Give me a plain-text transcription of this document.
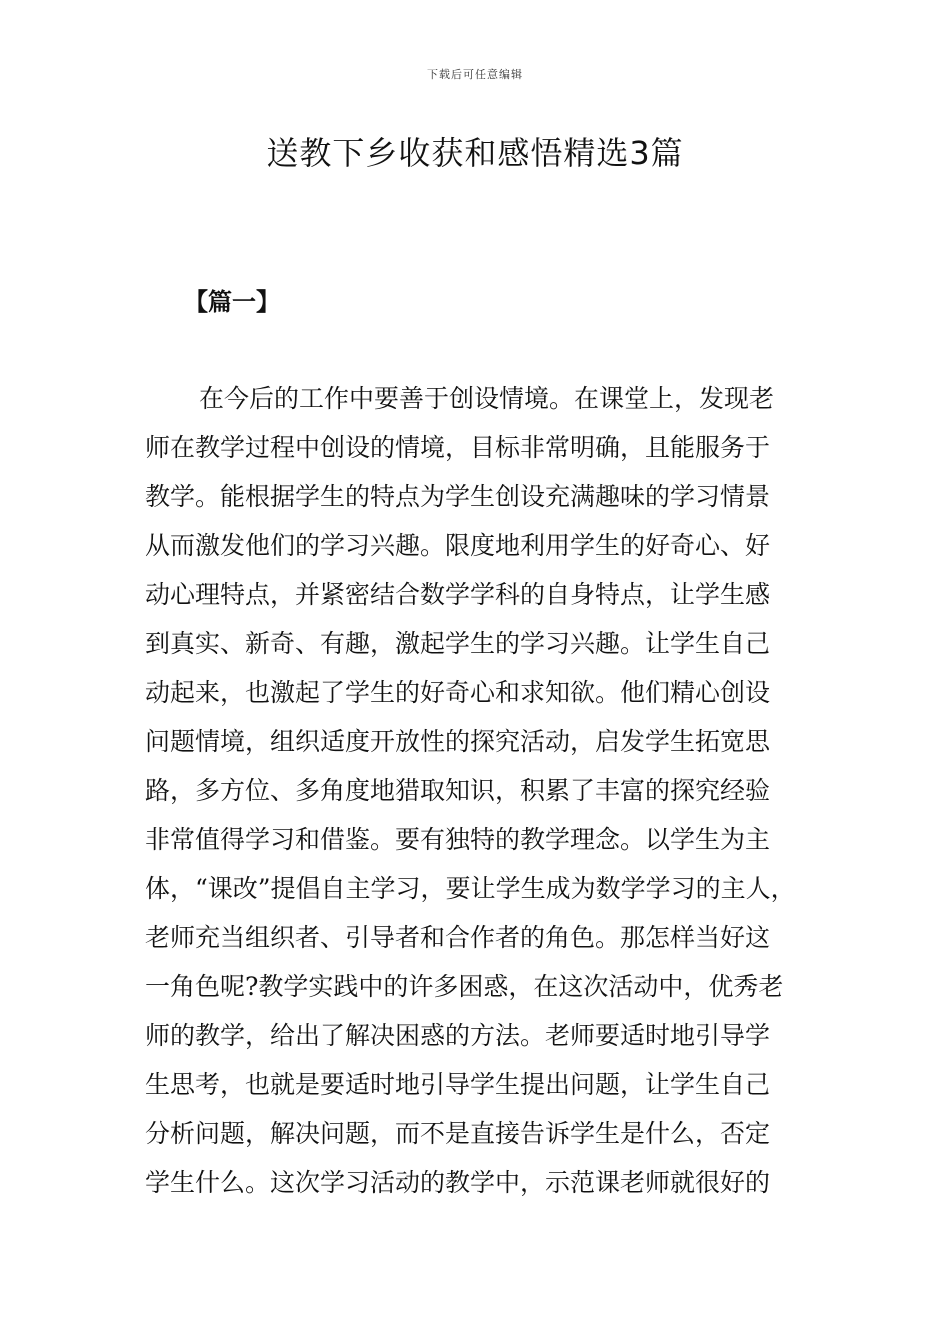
下载后可任意编辑
送教下乡收获和感悟精选3篇
【篇一】
在今后的工作中要善于创设情境。在课堂上，发现老
师在教学过程中创设的情境，目标非常明确，且能服务于
教学。能根据学生的特点为学生创设充满趣味的学习情景
从而激发他们的学习兴趣。限度地利用学生的好奇心、好
动心理特点，并紧密结合数学学科的自身特点，让学生感
到真实、新奇、有趣，激起学生的学习兴趣。让学生自己
动起来，也激起了学生的好奇心和求知欲。他们精心创设
问题情境，组织适度开放性的探究活动，启发学生拓宽思
路，多方位、多角度地猎取知识，积累了丰富的探究经验
非常值得学习和借鉴。要有独特的教学理念。以学生为主
体，“课改”提倡自主学习，要让学生成为数学学习的主人，
老师充当组织者、引导者和合作者的角色。那怎样当好这
一角色呢?教学实践中的许多困惑，在这次活动中，优秀老
师的教学，给出了解决困惑的方法。老师要适时地引导学
生思考，也就是要适时地引导学生提出问题，让学生自己
分析问题，解决问题，而不是直接告诉学生是什么，否定
学生什么。这次学习活动的教学中，示范课老师就很好的
